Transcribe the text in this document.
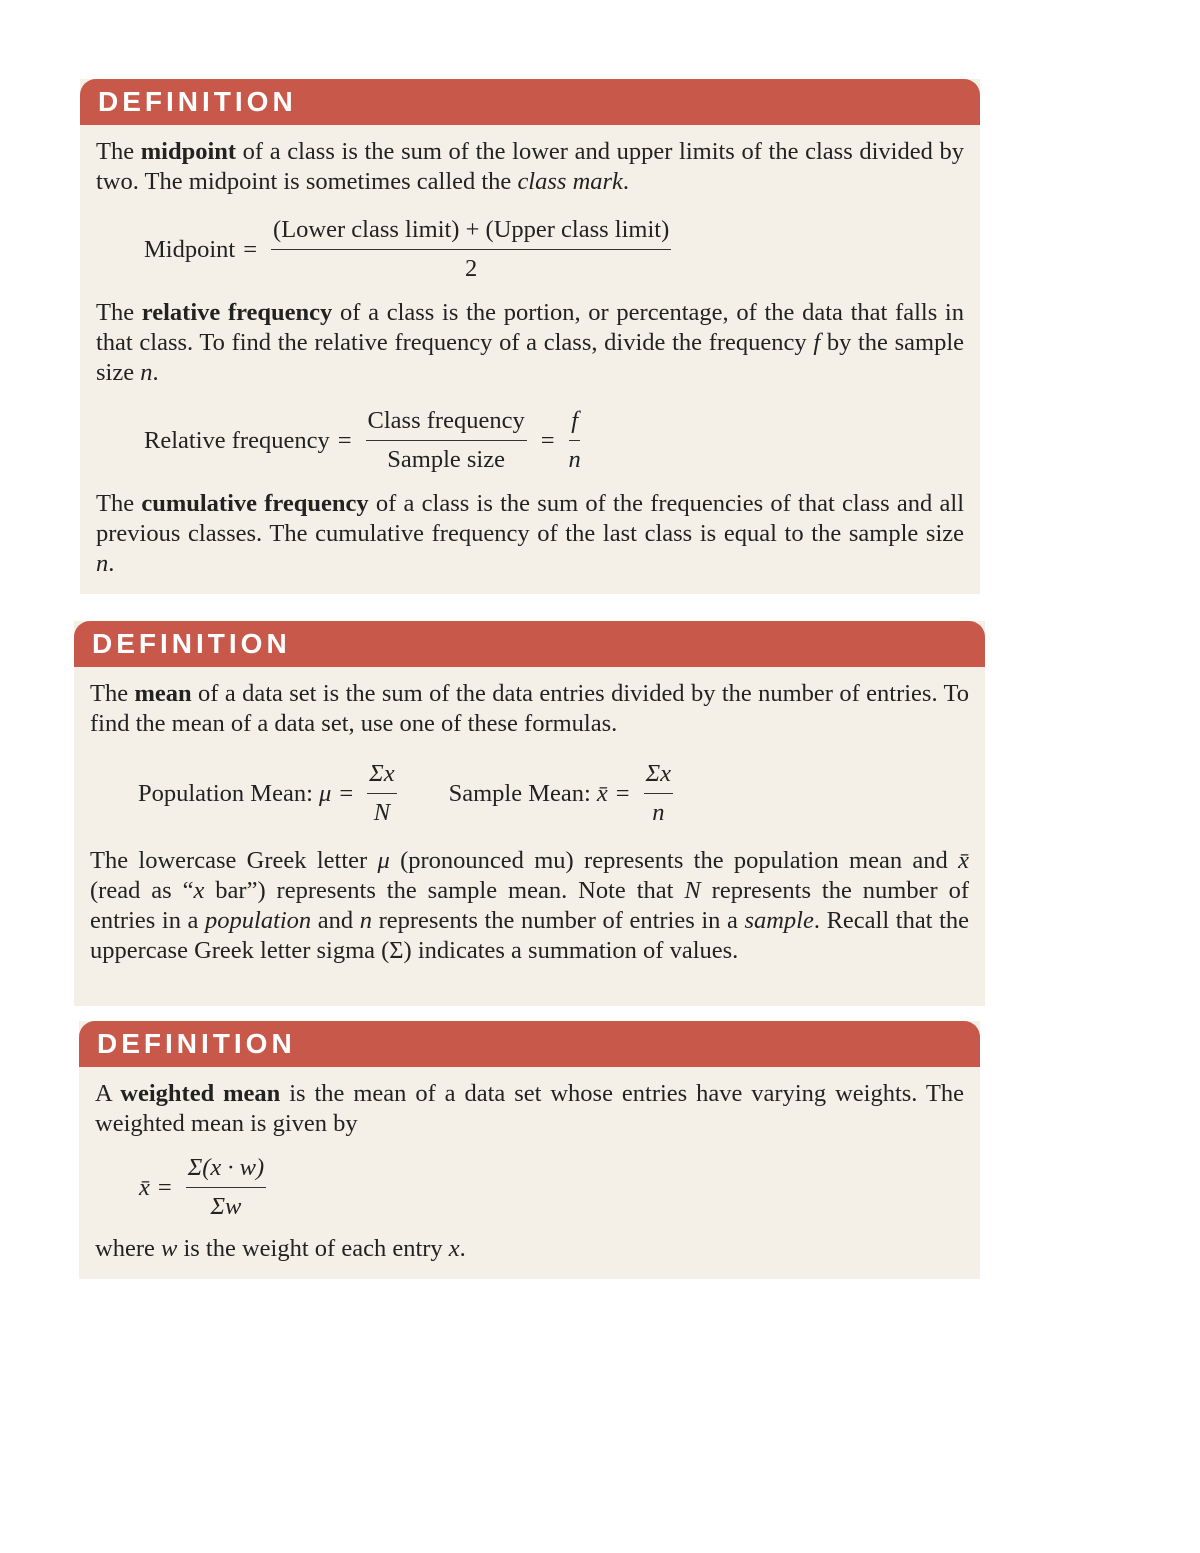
DEFINITION

The midpoint of a class is the sum of the lower and upper limits of the class divided by two. The midpoint is sometimes called the class mark.

Midpoint = $\frac{\text{(Lower class limit) + (Upper class limit)}}{2}$

The relative frequency of a class is the portion, or percentage, of the data that falls in that class. To find the relative frequency of a class, divide the frequency f by the sample size n.

Relative frequency = $\frac{\text{Class frequency}}{\text{Sample size}} = \frac{f}{n}$

The cumulative frequency of a class is the sum of the frequencies of that class and all previous classes. The cumulative frequency of the last class is equal to the sample size n.

DEFINITION

The mean of a data set is the sum of the data entries divided by the number of entries. To find the mean of a data set, use one of these formulas.

Population Mean: $\mu = \frac{\Sigma x}{N}$ Sample Mean: x̄ = $\frac{\Sigma x}{n}$

The lowercase Greek letter μ (pronounced mu) represents the population mean and x̄ (read as “x bar”) represents the sample mean. Note that N represents the number of entries in a population and n represents the number of entries in a sample. Recall that the uppercase Greek letter sigma (Σ) indicates a summation of values.

DEFINITION

A weighted mean is the mean of a data set whose entries have varying weights. The weighted mean is given by

x̄ = $\frac{\Sigma(x \cdot w)}{\Sigma w}$

where w is the weight of each entry x.
